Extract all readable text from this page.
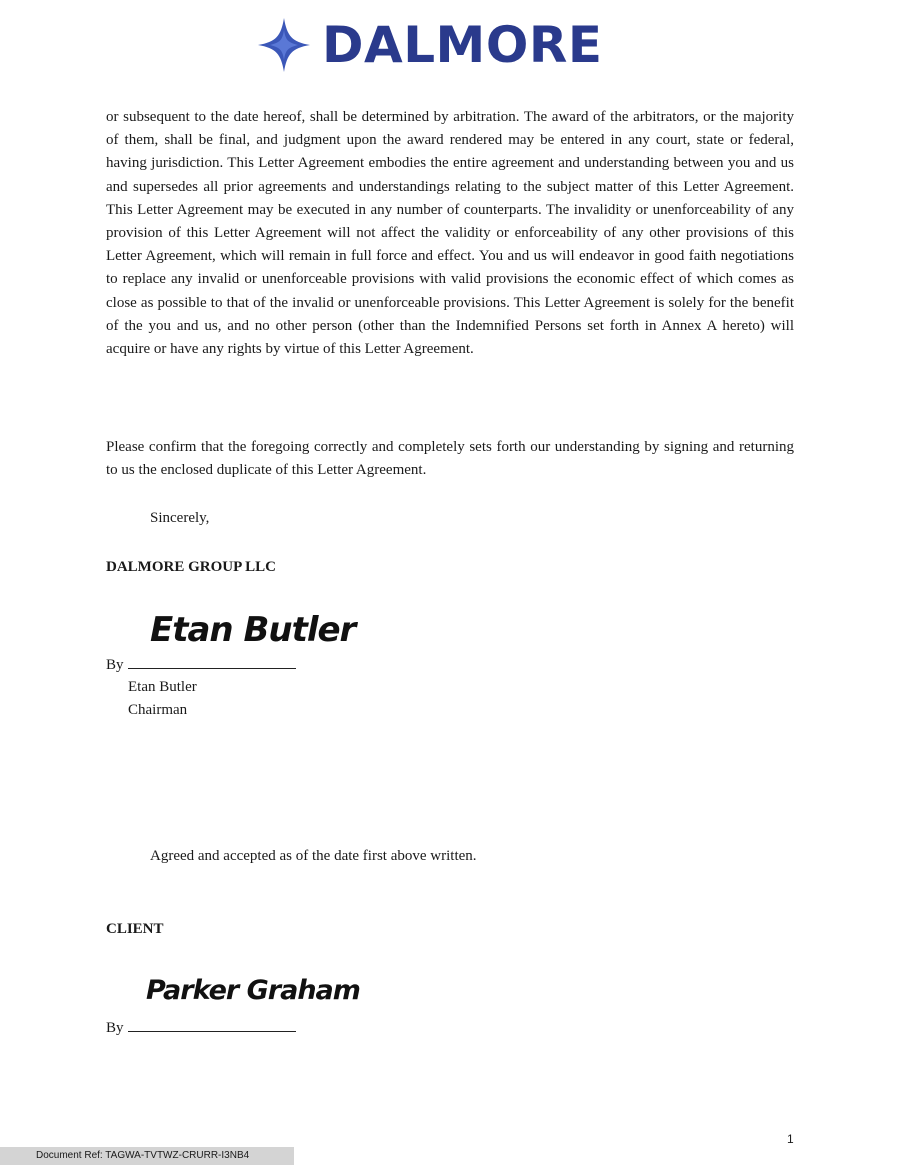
DALMORE

or subsequent to the date hereof, shall be determined by arbitration. The award of the arbitrators, or the majority of them, shall be final, and judgment upon the award rendered may be entered in any court, state or federal, having jurisdiction. This Letter Agreement embodies the entire agreement and understanding between you and us and supersedes all prior agreements and understandings relating to the subject matter of this Letter Agreement. This Letter Agreement may be executed in any number of counterparts. The invalidity or unenforceability of any provision of this Letter Agreement will not affect the validity or enforceability of any other provisions of this Letter Agreement, which will remain in full force and effect. You and us will endeavor in good faith negotiations to replace any invalid or unenforceable provisions with valid provisions the economic effect of which comes as close as possible to that of the invalid or unenforceable provisions. This Letter Agreement is solely for the benefit of the you and us, and no other person (other than the Indemnified Persons set forth in Annex A hereto) will acquire or have any rights by virtue of this Letter Agreement.

Please confirm that the foregoing correctly and completely sets forth our understanding by signing and returning to us the enclosed duplicate of this Letter Agreement.

Sincerely,

DALMORE GROUP LLC

Etan Butler
By

Etan Butler

Chairman

Agreed and accepted as of the date first above written.

CLIENT

Parker Graham
By
1
Document Ref: TAGWA-TVTWZ-CRURR-I3NB4
